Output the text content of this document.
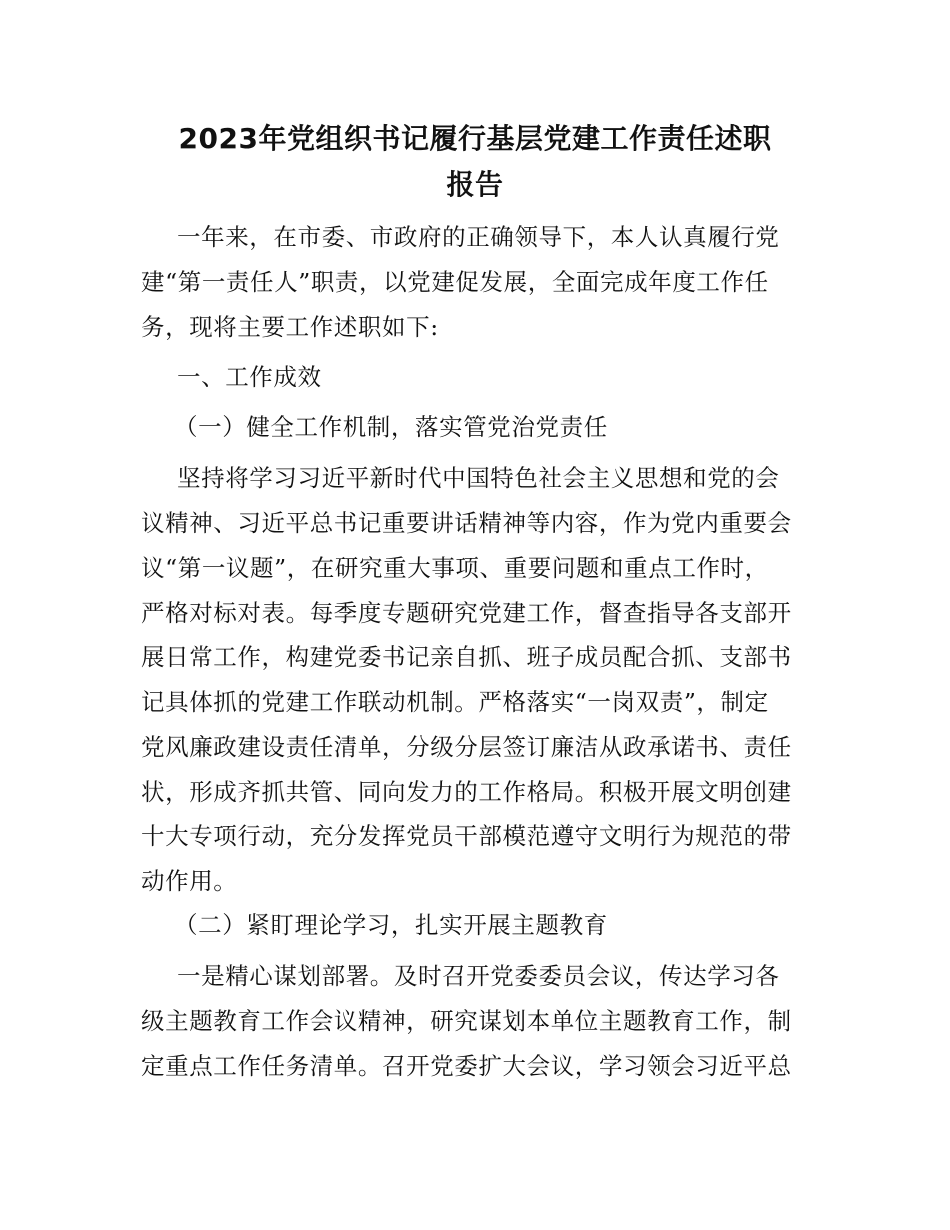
2023年党组织书记履行基层党建工作责任述职
报告
一年来，在市委、市政府的正确领导下，本人认真履行党
建“第一责任人”职责，以党建促发展，全面完成年度工作任
务，现将主要工作述职如下:
一、工作成效
（一）健全工作机制，落实管党治党责任
坚持将学习习近平新时代中国特色社会主义思想和党的会
议精神、习近平总书记重要讲话精神等内容，作为党内重要会
议“第一议题”，在研究重大事项、重要问题和重点工作时，
严格对标对表。每季度专题研究党建工作，督查指导各支部开
展日常工作，构建党委书记亲自抓、班子成员配合抓、支部书
记具体抓的党建工作联动机制。严格落实“一岗双责”，制定
党风廉政建设责任清单，分级分层签订廉洁从政承诺书、责任
状，形成齐抓共管、同向发力的工作格局。积极开展文明创建
十大专项行动，充分发挥党员干部模范遵守文明行为规范的带
动作用。
（二）紧盯理论学习，扎实开展主题教育
一是精心谋划部署。及时召开党委委员会议，传达学习各
级主题教育工作会议精神，研究谋划本单位主题教育工作，制
定重点工作任务清单。召开党委扩大会议，学习领会习近平总
